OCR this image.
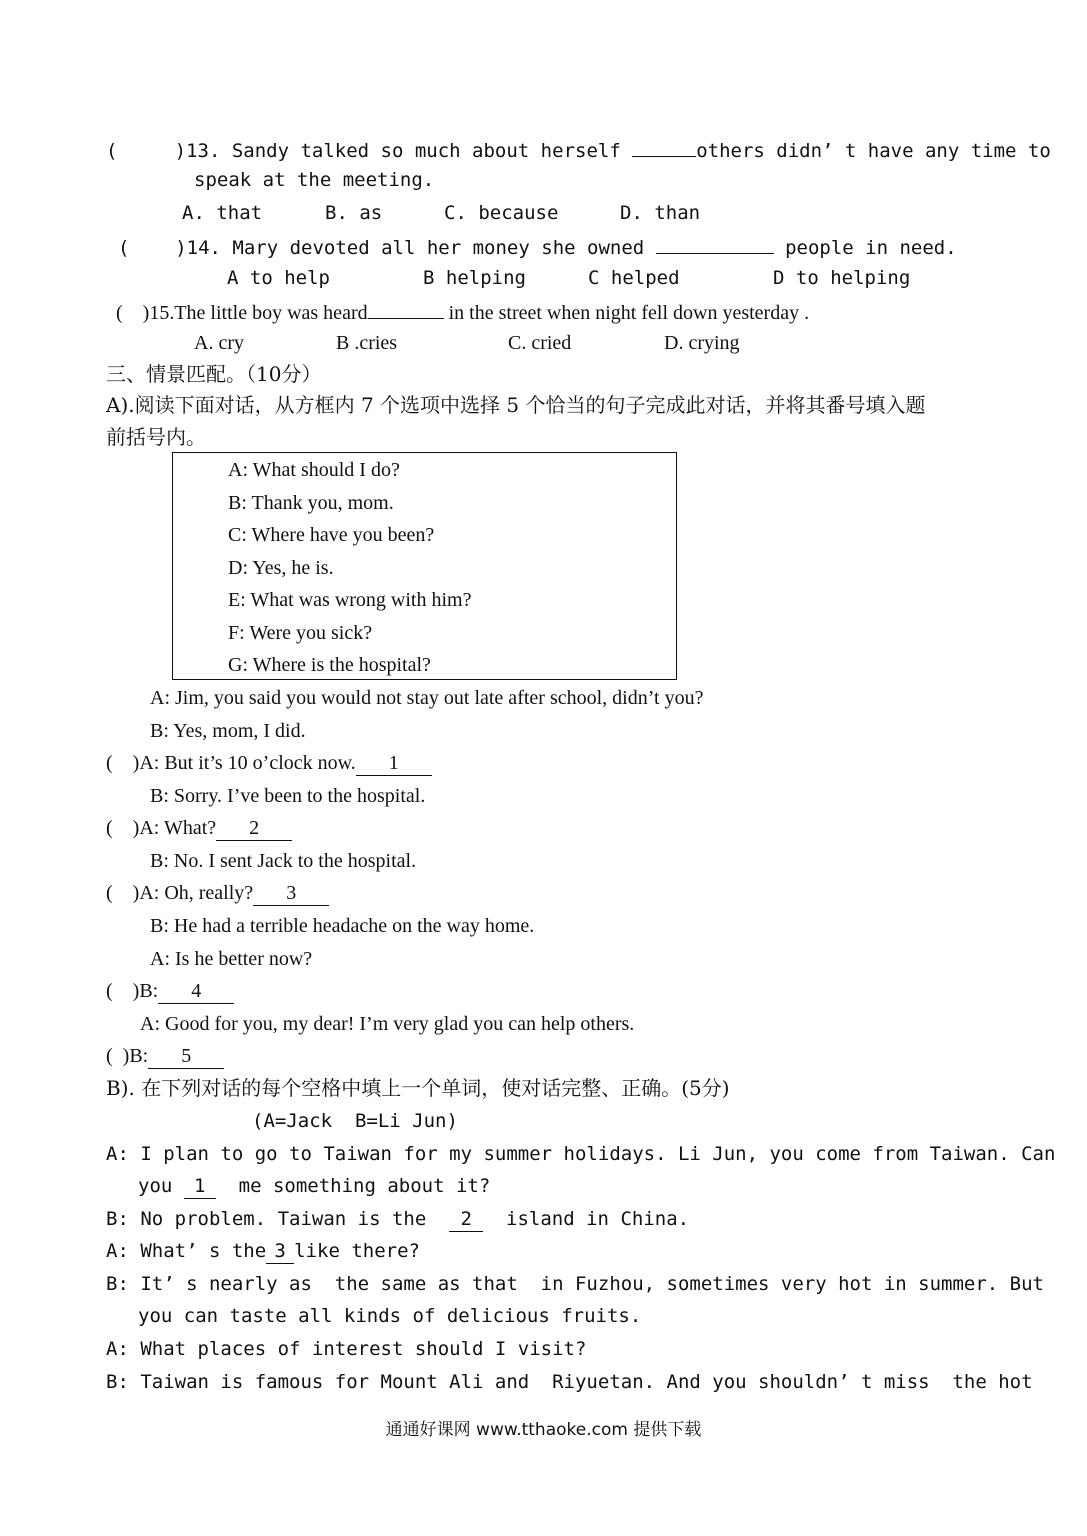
(     )13. Sandy talked so much about herself	others didn’ t have any time to
speak at the meeting.
A. that	B. as	C. because	D. than
(    )14. Mary devoted all her money she owned	people in need.
A to help	B helping	C helped	D to helping
(    )15.The little boy was heard	in the street when night fell down yesterday .
A. cry	B .cries	C. cried	D. crying
三、情景匹配。（10分）
A).阅读下面对话，从方框内 7 个选项中选择 5 个恰当的句子完成此对话，并将其番号填入题
前括号内。
A: What should I do?
B: Thank you, mom.
C: Where have you been?
D: Yes, he is.
E: What was wrong with him?
F: Were you sick?
G: Where is the hospital?
A: Jim, you said you would not stay out late after school, didn’t you?
B: Yes, mom, I did.
(    )A: But it’s 10 o’clock now. 1
B: Sorry. I’ve been to the hospital.
(    )A: What? 2
B: No. I sent Jack to the hospital.
(    )A: Oh, really? 3
B: He had a terrible headache on the way home.
A: Is he better now?
(    )B: 4
A: Good for you, my dear! I’m very glad you can help others.
(  )B: 5
B). 在下列对话的每个空格中填上一个单词，使对话完整、正确。(5分)
(A=Jack  B=Li Jun)
A: I plan to go to Taiwan for my summer holidays. Li Jun, you come from Taiwan. Can
you 1  me something about it?
B: No problem. Taiwan is the  2  island in China.
A: What’ s the 3 like there?
B: It’ s nearly as  the same as that  in Fuzhou, sometimes very hot in summer. But
you can taste all kinds of delicious fruits.
A: What places of interest should I visit?
B: Taiwan is famous for Mount Ali and  Riyuetan. And you shouldn’ t miss  the hot
通通好课网 www.tthaoke.com 提供下载
